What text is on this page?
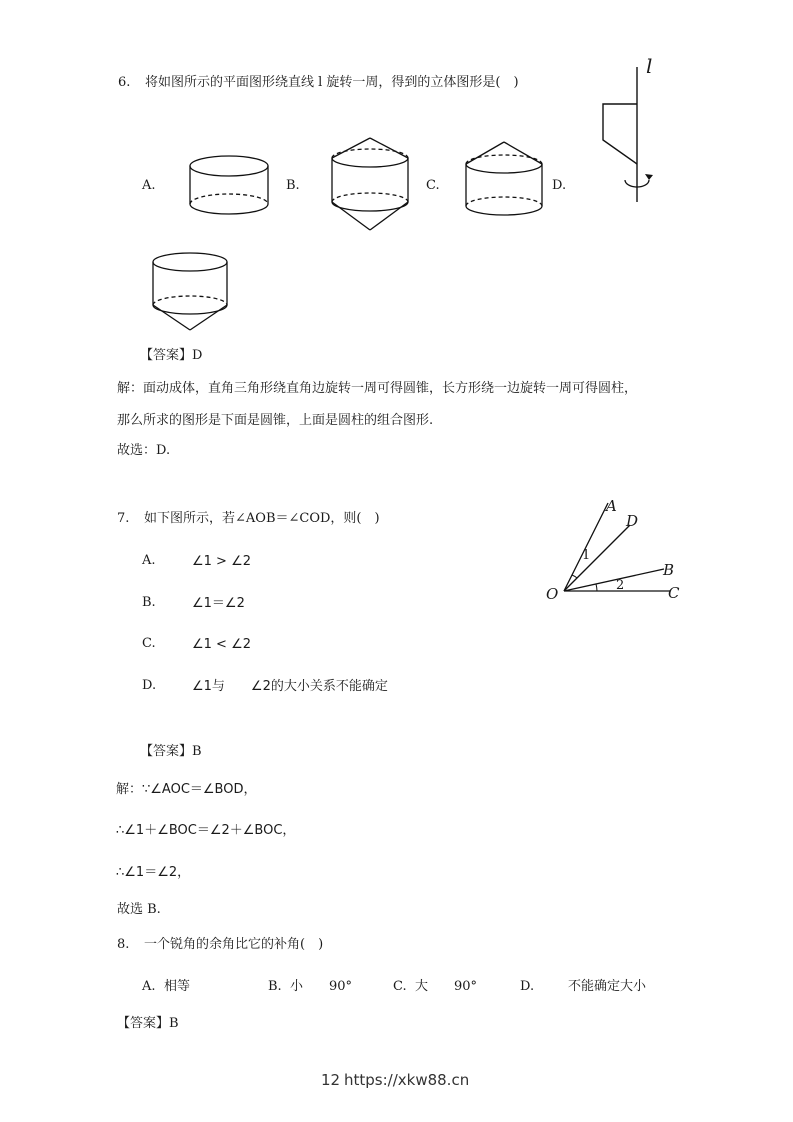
6. 将如图所示的平面图形绕直线 l 旋转一周，得到的立体图形是(　)
l
A.	B.	C.	D.
【答案】D
解：面动成体，直角三角形绕直角边旋转一周可得圆锥，长方形绕一边旋转一周可得圆柱，
那么所求的图形是下面是圆锥，上面是圆柱的组合图形.
故选：D.
7. 如下图所示，若∠AOB＝∠COD，则(　)
A.	∠1 > ∠2
B.	∠1＝∠2
C.	∠1 < ∠2
D.	∠1与　　∠2的大小关系不能确定
A
D
B
C
O
1
2
【答案】B
解：∵∠AOC＝∠BOD，
∴∠1＋∠BOC＝∠2＋∠BOC，
∴∠1＝∠2，
故选 B.
8. 一个锐角的余角比它的补角(　)
A. 相等	B. 小　　90°	C. 大　　90°	D.	不能确定大小
【答案】B
12 https://xkw88.cn
